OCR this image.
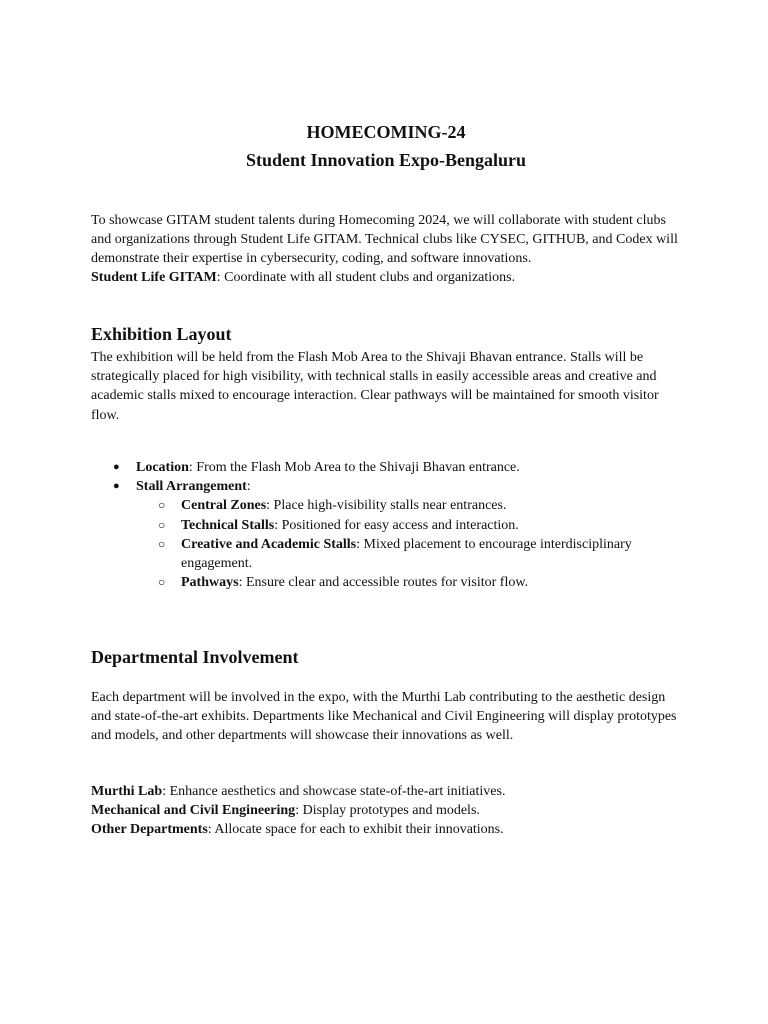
HOMECOMING-24
Student Innovation Expo-Bengaluru

To showcase GITAM student talents during Homecoming 2024, we will collaborate with student clubs and organizations through Student Life GITAM. Technical clubs like CYSEC, GITHUB, and Codex will demonstrate their expertise in cybersecurity, coding, and software innovations.

Student Life GITAM: Coordinate with all student clubs and organizations.

Exhibition Layout

The exhibition will be held from the Flash Mob Area to the Shivaji Bhavan entrance. Stalls will be strategically placed for high visibility, with technical stalls in easily accessible areas and creative and academic stalls mixed to encourage interaction. Clear pathways will be maintained for smooth visitor flow.

● Location: From the Flash Mob Area to the Shivaji Bhavan entrance.
● Stall Arrangement:
○ Central Zones: Place high-visibility stalls near entrances.
○ Technical Stalls: Positioned for easy access and interaction.
○ Creative and Academic Stalls: Mixed placement to encourage interdisciplinary engagement.
○ Pathways: Ensure clear and accessible routes for visitor flow.
Departmental Involvement

Each department will be involved in the expo, with the Murthi Lab contributing to the aesthetic design and state-of-the-art exhibits. Departments like Mechanical and Civil Engineering will display prototypes and models, and other departments will showcase their innovations as well.

Murthi Lab: Enhance aesthetics and showcase state-of-the-art initiatives.
Mechanical and Civil Engineering: Display prototypes and models.
Other Departments: Allocate space for each to exhibit their innovations.
